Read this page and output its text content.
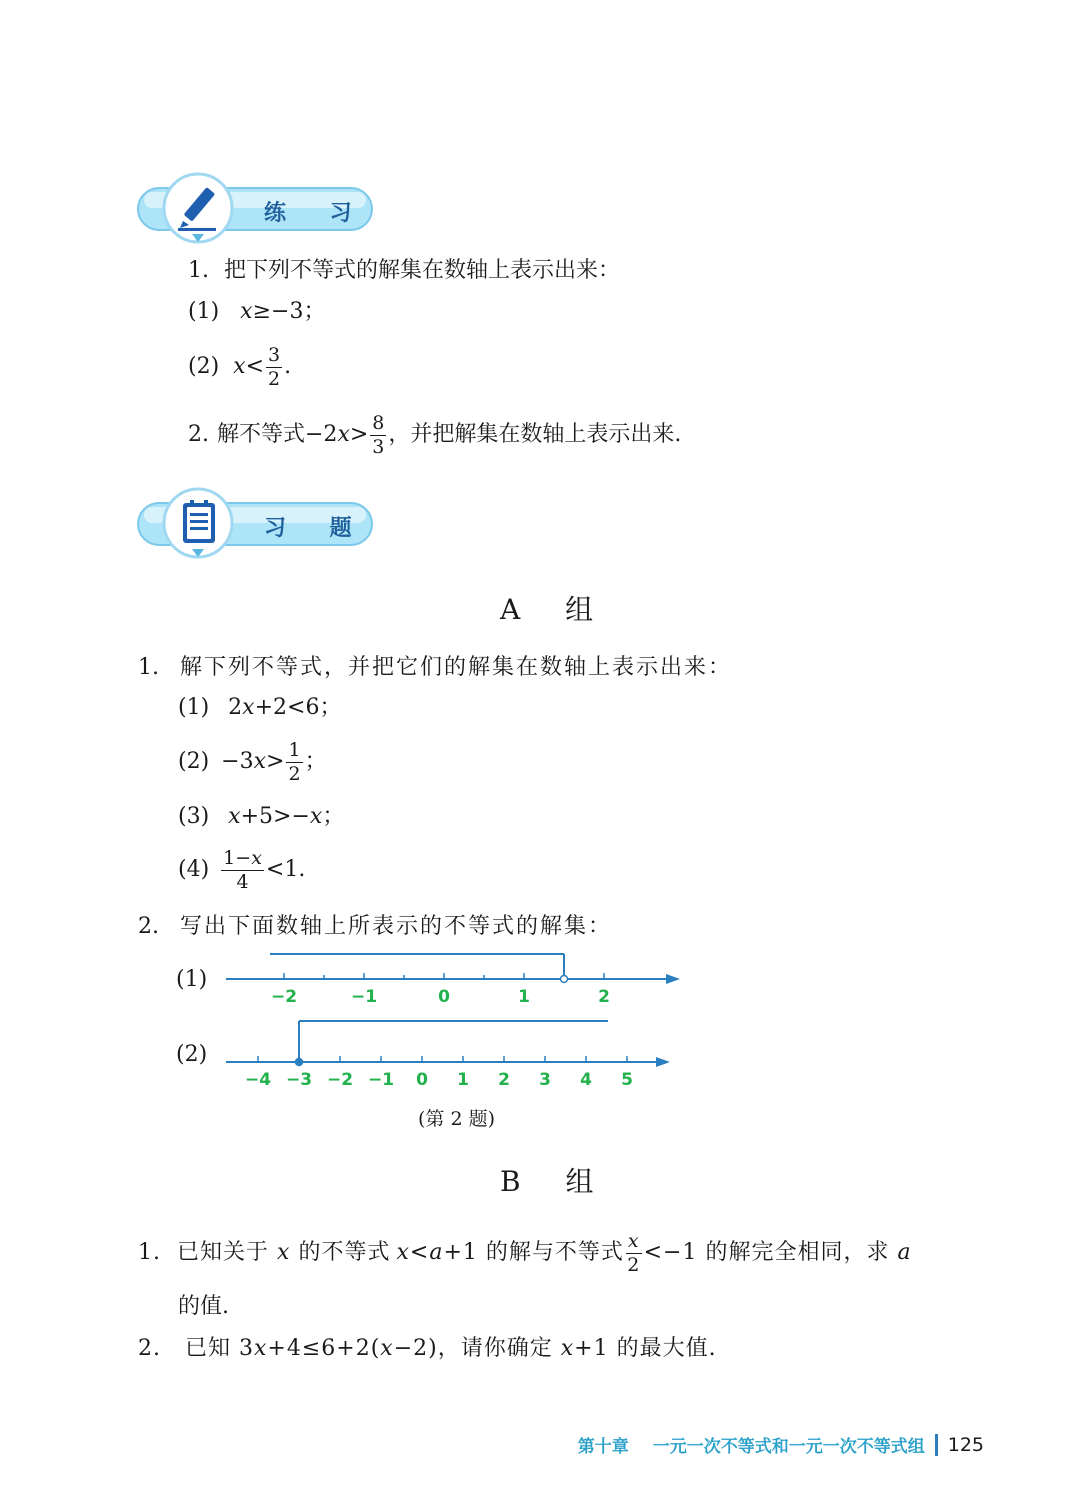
练 习
1. 把下列不等式的解集在数轴上表示出来：
(1) x≥−3；
(2) $x < \frac{3}{2}$ .
2. 解不等式−2 $x > \frac{8}{3}$ ，并把解集在数轴上表示出来.
习 题
A 组
1. 解下列不等式，并把它们的解集在数轴上表示出来：
(1) 2x+2<6；
(2) −3 $x > \frac{1}{2}$ ；
(3) x+5>−x；
$(4) \frac{1-x}{4} <1$.
2. 写出下面数轴上所表示的不等式的解集：
(1)
−2	−1	0	1	2
(2)
−4 −3 −2 −1 0 1 2 3 4 5
(第 2 题)
B 组
1. 已知关于 x 的不等式 x < a +1 的解与不等式 $\frac{x}{2} <-1$ 的解完全相同，求 a
的值.
2. 已知 3x+4≤6+2(x−2)，请你确定 x+1 的最大值.
第十章 一元一次不等式和一元一次不等式组 125
